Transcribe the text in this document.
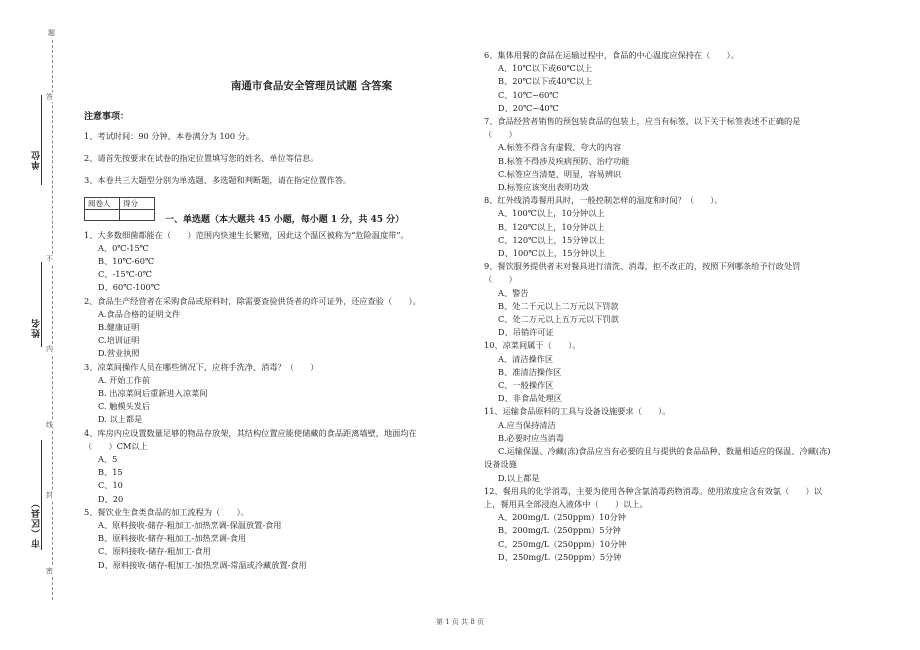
单位
姓名
市（区县）
题
答
不
内
线
封
密
南通市食品安全管理员试题 含答案
注意事项：
1、考试时间：90 分钟，本卷满分为 100 分。
2、请首先按要求在试卷的指定位置填写您的姓名、单位等信息。
3、本卷共三大题型分别为单选题、多选题和判断题，请在指定位置作答。
阅卷人	得分

一、单选题（本大题共 45 小题，每小题 1 分，共 45 分）
1、大多数细菌都能在（　　）范围内快速生长繁殖，因此这个温区被称为“危险温度带”。
A、0℃-15℃
B、10℃-60℃
C、-15℃-0℃
D、60℃-100℃
2、食品生产经营者在采购食品或原料时，除需要查验供货者的许可证外，还应查验（　　）。
A.食品合格的证明文件
B.健康证明
C.培训证明
D.营业执照
3、凉菜间操作人员在哪些情况下，应将手洗净、消毒？（　　）
A. 开始工作前
B. 出凉菜间后重新进入凉菜间
C. 触模头发后
D. 以上都是
4、库房内应设置数量足够的物品存放架，其结构位置应能使储藏的食品距离墙壁，地面均在
（　　）CM以上
A、5
B、15
C、10
D、20
5、餐饮业生食类食品的加工流程为（　　）。
A、原料接收-储存-粗加工-加热烹调-保温放置-食用
B、原料接收-储存-粗加工-加热烹调-食用
C、原料接收-储存-粗加工-食用
D、原料接收-储存-粗加工-加热烹调-常温或冷藏放置-食用
6、集体用餐的食品在运输过程中，食品的中心温度应保持在（　　）。
A、10℃以下或60℃以上
B、20℃以下或40℃以上
C、10℃~60℃
D、20℃~40℃
7、食品经营者销售的预包装食品的包装上，应当有标签，以下关于标签表述不正确的是
（　　）
A.标签不得含有虚假、夸大的内容
B.标签不得涉及疾病预防、治疗功能
C.标签应当清楚、明显，容易辨识
D.标签应该突出表明功效
8、红外线消毒餐用具时，一般控制怎样的温度和时间？（　　）。
A、100℃以上，10分钟以上
B、120℃以上，10分钟以上
C、120℃以上，15分钟以上
D、100℃以上，15分钟以上
9、餐饮服务提供者未对餐具进行清洗、消毒，拒不改正的，按照下列哪条给予行政处罚
（　　）
A、警告
B、处二千元以上二万元以下罚款
C、处二万元以上五万元以下罚款
D、吊销许可证
10、凉菜间属于（　　）。
A、清洁操作区
B、准清洁操作区
C、一般操作区
D、非食品处理区
11、运输食品原料的工具与设备设施要求（　　）。
A.应当保持清洁
B.必要时应当消毒
C.运输保温、冷藏(冻)食品应当有必要的且与提供的食品品种、数量相适应的保温、冷藏(冻)
设备设施
D.以上都是
12、餐用具的化学消毒，主要为使用各种含氯消毒药物消毒。使用浓度应含有效氯（　　）以
上，餐用具全部浸泡入液体中（　　）以上。
A、200mg/L（250ppm）10分钟
B、200mg/L（250ppm）5分钟
C、250mg/L（250ppm）10分钟
D、250mg/L（250ppm）5分钟
第 1 页 共 8 页
